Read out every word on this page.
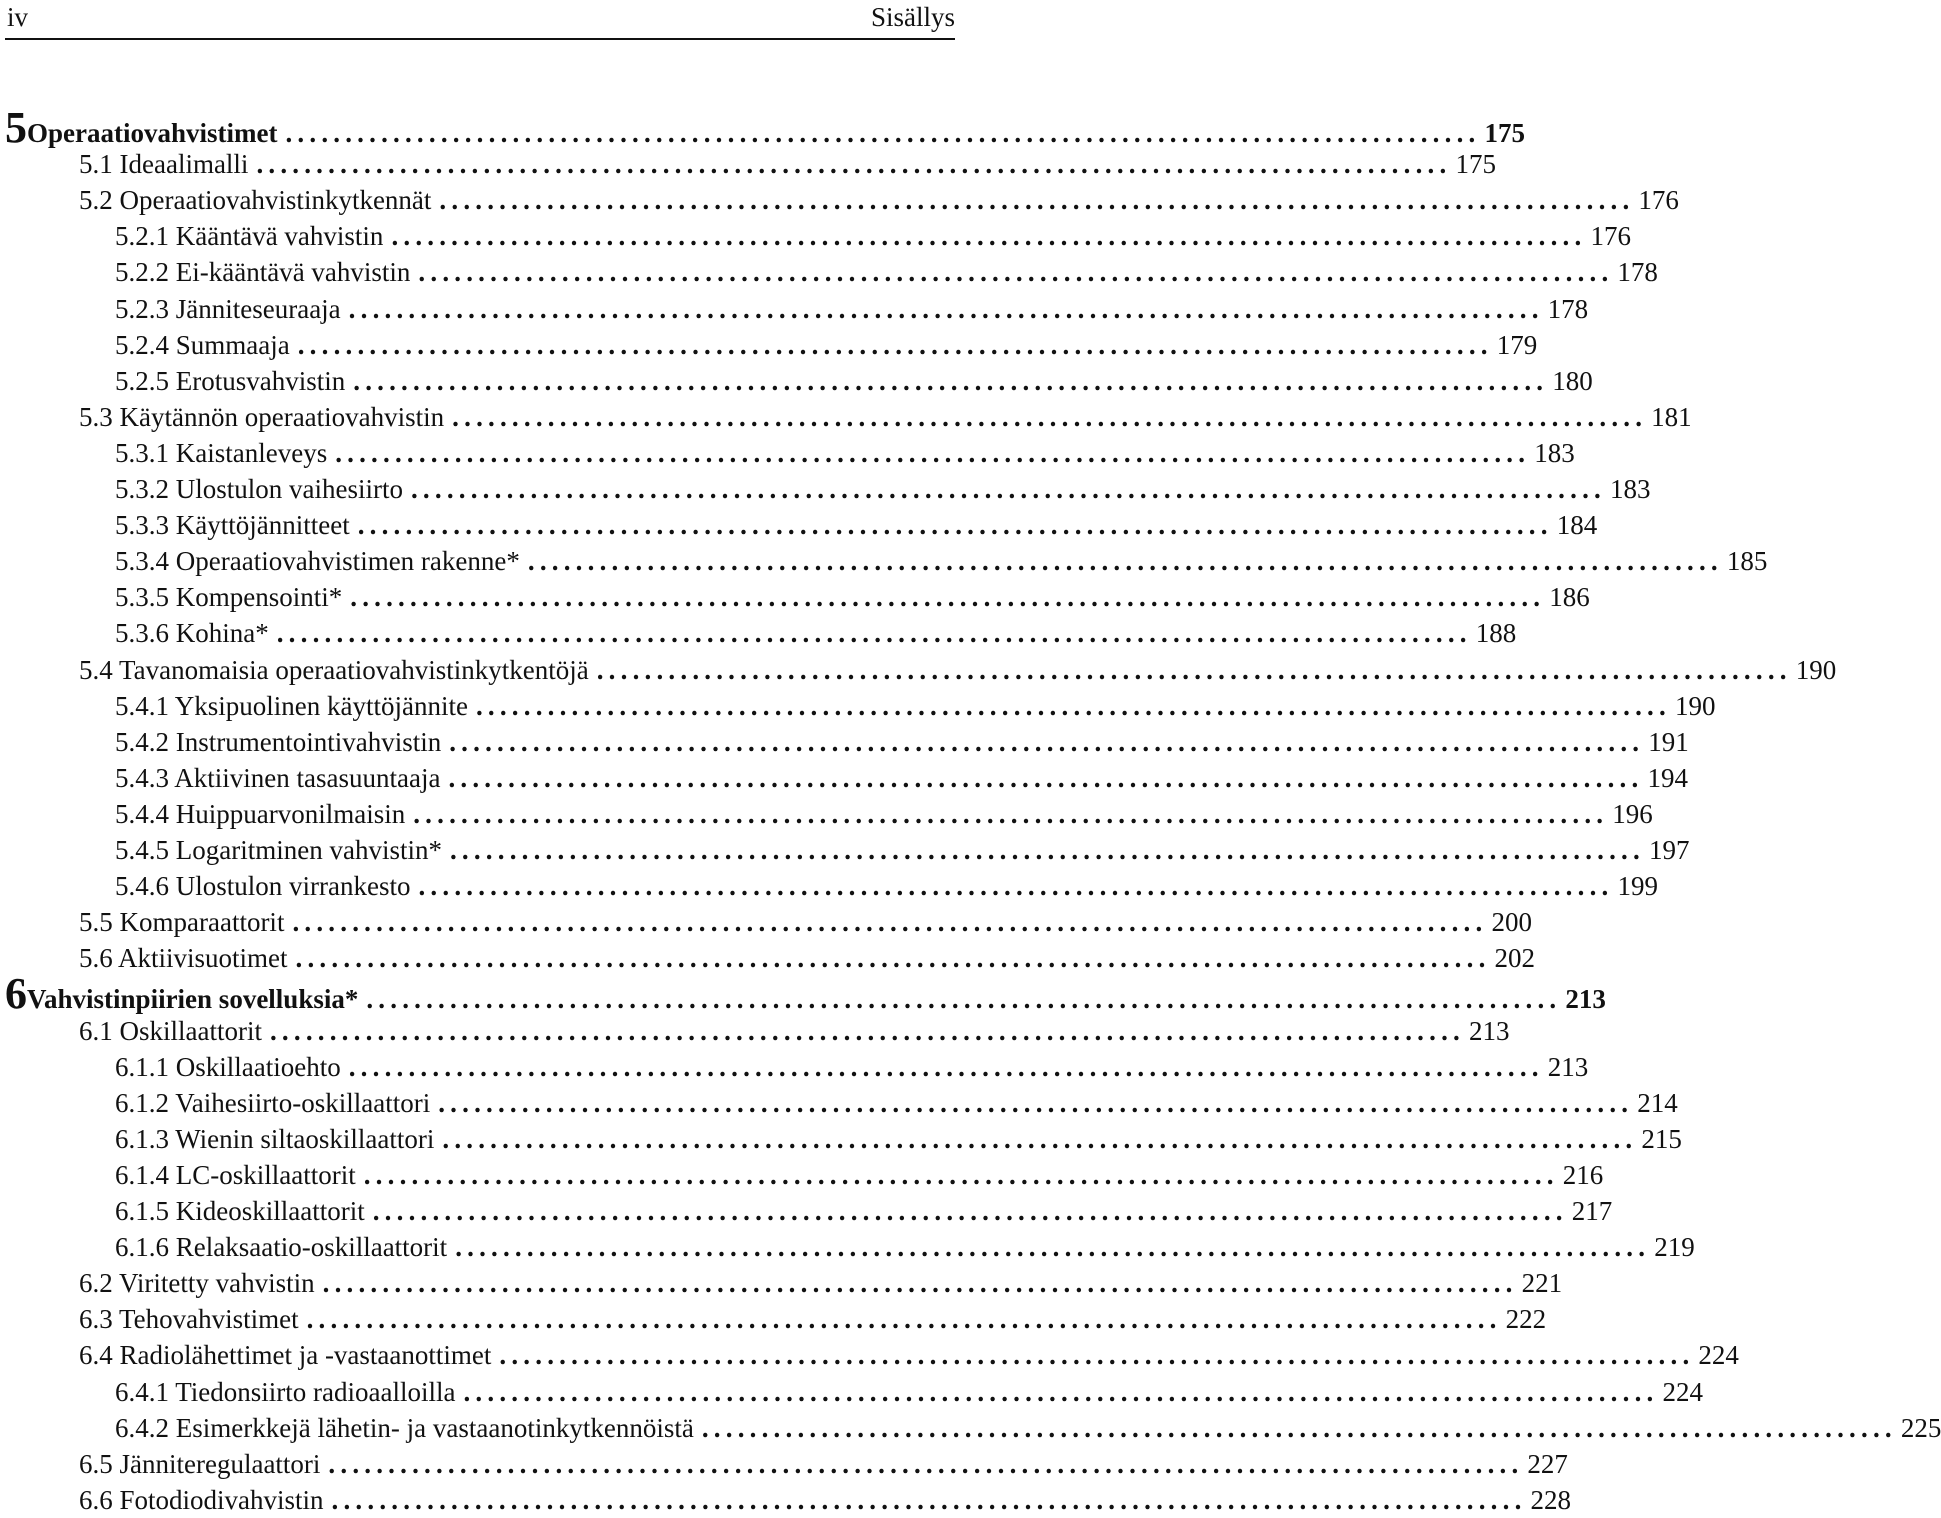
iv	Sisällys
5 Operaatiovahvistimet .................................................................................................... 175
5.1 Ideaalimalli .................................................................................................... 175
5.2 Operaatiovahvistinkytkennät .................................................................................................... 176
5.2.1 Kääntävä vahvistin .................................................................................................... 176
5.2.2 Ei-kääntävä vahvistin .................................................................................................... 178
5.2.3 Jänniteseuraaja .................................................................................................... 178
5.2.4 Summaaja .................................................................................................... 179
5.2.5 Erotusvahvistin .................................................................................................... 180
5.3 Käytännön operaatiovahvistin .................................................................................................... 181
5.3.1 Kaistanleveys .................................................................................................... 183
5.3.2 Ulostulon vaihesiirto .................................................................................................... 183
5.3.3 Käyttöjännitteet .................................................................................................... 184
5.3.4 Operaatiovahvistimen rakenne* .................................................................................................... 185
5.3.5 Kompensointi* .................................................................................................... 186
5.3.6 Kohina* .................................................................................................... 188
5.4 Tavanomaisia operaatiovahvistinkytkentöjä .................................................................................................... 190
5.4.1 Yksipuolinen käyttöjännite .................................................................................................... 190
5.4.2 Instrumentointivahvistin .................................................................................................... 191
5.4.3 Aktiivinen tasasuuntaaja .................................................................................................... 194
5.4.4 Huippuarvonilmaisin .................................................................................................... 196
5.4.5 Logaritminen vahvistin* .................................................................................................... 197
5.4.6 Ulostulon virrankesto .................................................................................................... 199
5.5 Komparaattorit .................................................................................................... 200
5.6 Aktiivisuotimet .................................................................................................... 202
6 Vahvistinpiirien sovelluksia* .................................................................................................... 213
6.1 Oskillaattorit .................................................................................................... 213
6.1.1 Oskillaatioehto .................................................................................................... 213
6.1.2 Vaihesiirto-oskillaattori .................................................................................................... 214
6.1.3 Wienin siltaoskillaattori .................................................................................................... 215
6.1.4 LC-oskillaattorit .................................................................................................... 216
6.1.5 Kideoskillaattorit .................................................................................................... 217
6.1.6 Relaksaatio-oskillaattorit .................................................................................................... 219
6.2 Viritetty vahvistin .................................................................................................... 221
6.3 Tehovahvistimet .................................................................................................... 222
6.4 Radiolähettimet ja -vastaanottimet .................................................................................................... 224
6.4.1 Tiedonsiirto radioaalloilla .................................................................................................... 224
6.4.2 Esimerkkejä lähetin- ja vastaanotinkytkennöistä .................................................................................................... 225
6.5 Jänniteregulaattori .................................................................................................... 227
6.6 Fotodiodivahvistin .................................................................................................... 228
